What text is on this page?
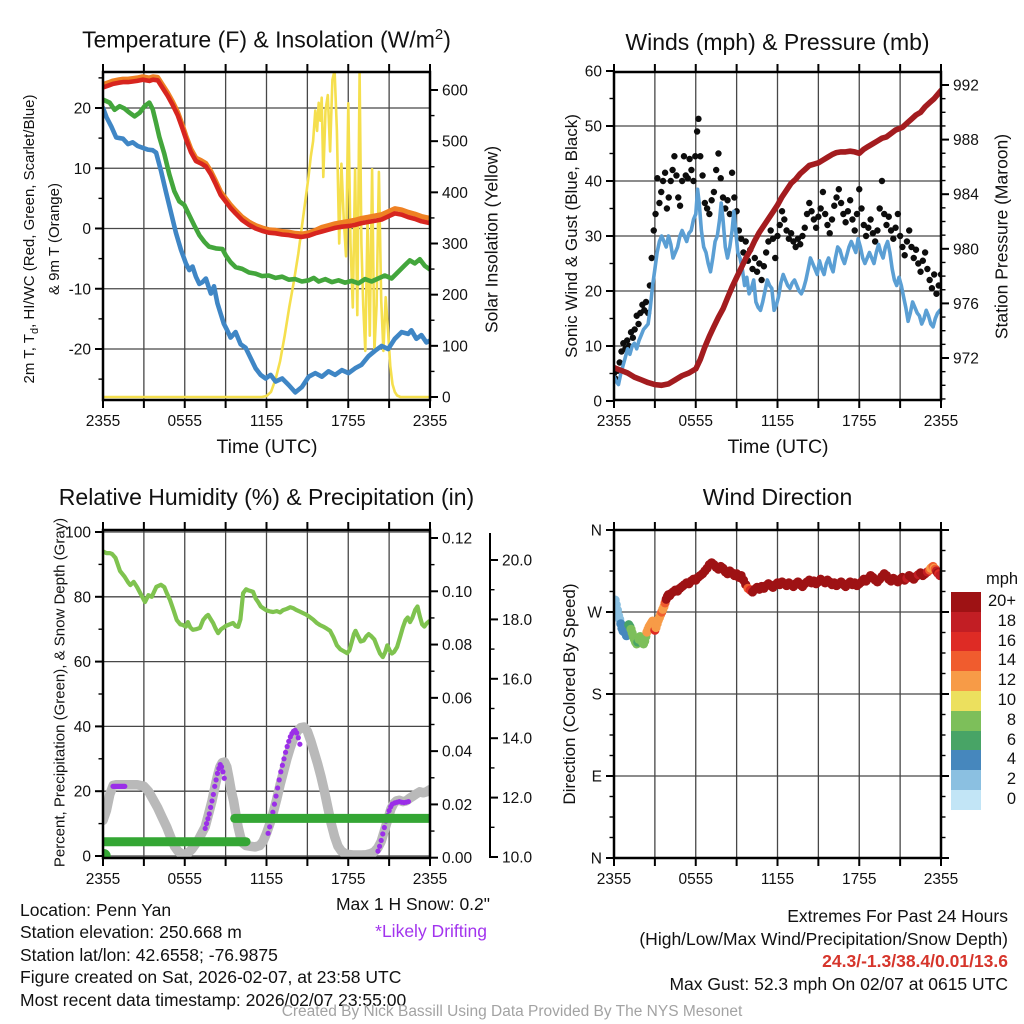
2355	0555	1155	1755	2355
-20
-10
0
10
20
0
100
200
300
400
500
600
2355	0555	1155	1755	2355
0
10
20
30
40
50
60
972
976
980
984
988
992
2355	0555	1155	1755	2355
0
20
40
60
80
100
0.00
0.02
0.04
0.06
0.08
0.10
0.12
10.0
12.0
14.0
16.0
18.0
20.0
2355	0555	1155	1755	2355
N
E
S
W
N
Temperature (F) & Insolation $(W/m^2)$	Winds (mph) & Pressure (mb)
Relative Humidity (%) & Precipitation (in)	Wind Direction
Time (UTC)	Time (UTC)
2m T, $T_d$, HI/WC (Red, Green, Scarlet/Blue) & 9m T (Orange)	Solar Insolation (Yellow)	Sonic Wind & Gust (Blue, Black)	Station Pressure (Maroon)
Percent, Precipitation (Green), & Snow Depth (Gray)	Direction (Colored By Speed)
mph
20+
18
16
14
12
10
8
6
4
2
0
Location: Penn Yan
Station elevation: 250.668 m
Station lat/lon: 42.6558; -76.9875
Figure created on Sat, 2026-02-07, at 23:58 UTC
Most recent data timestamp: 2026/02/07 23:55:00
Max 1 H Snow: 0.2"
*Likely Drifting
Extremes For Past 24 Hours
(High/Low/Max Wind/Precipitation/Snow Depth)
24.3/-1.3/38.4/0.01/13.6
Max Gust: 52.3 mph On 02/07 at 0615 UTC
Created By Nick Bassill Using Data Provided By The NYS Mesonet
